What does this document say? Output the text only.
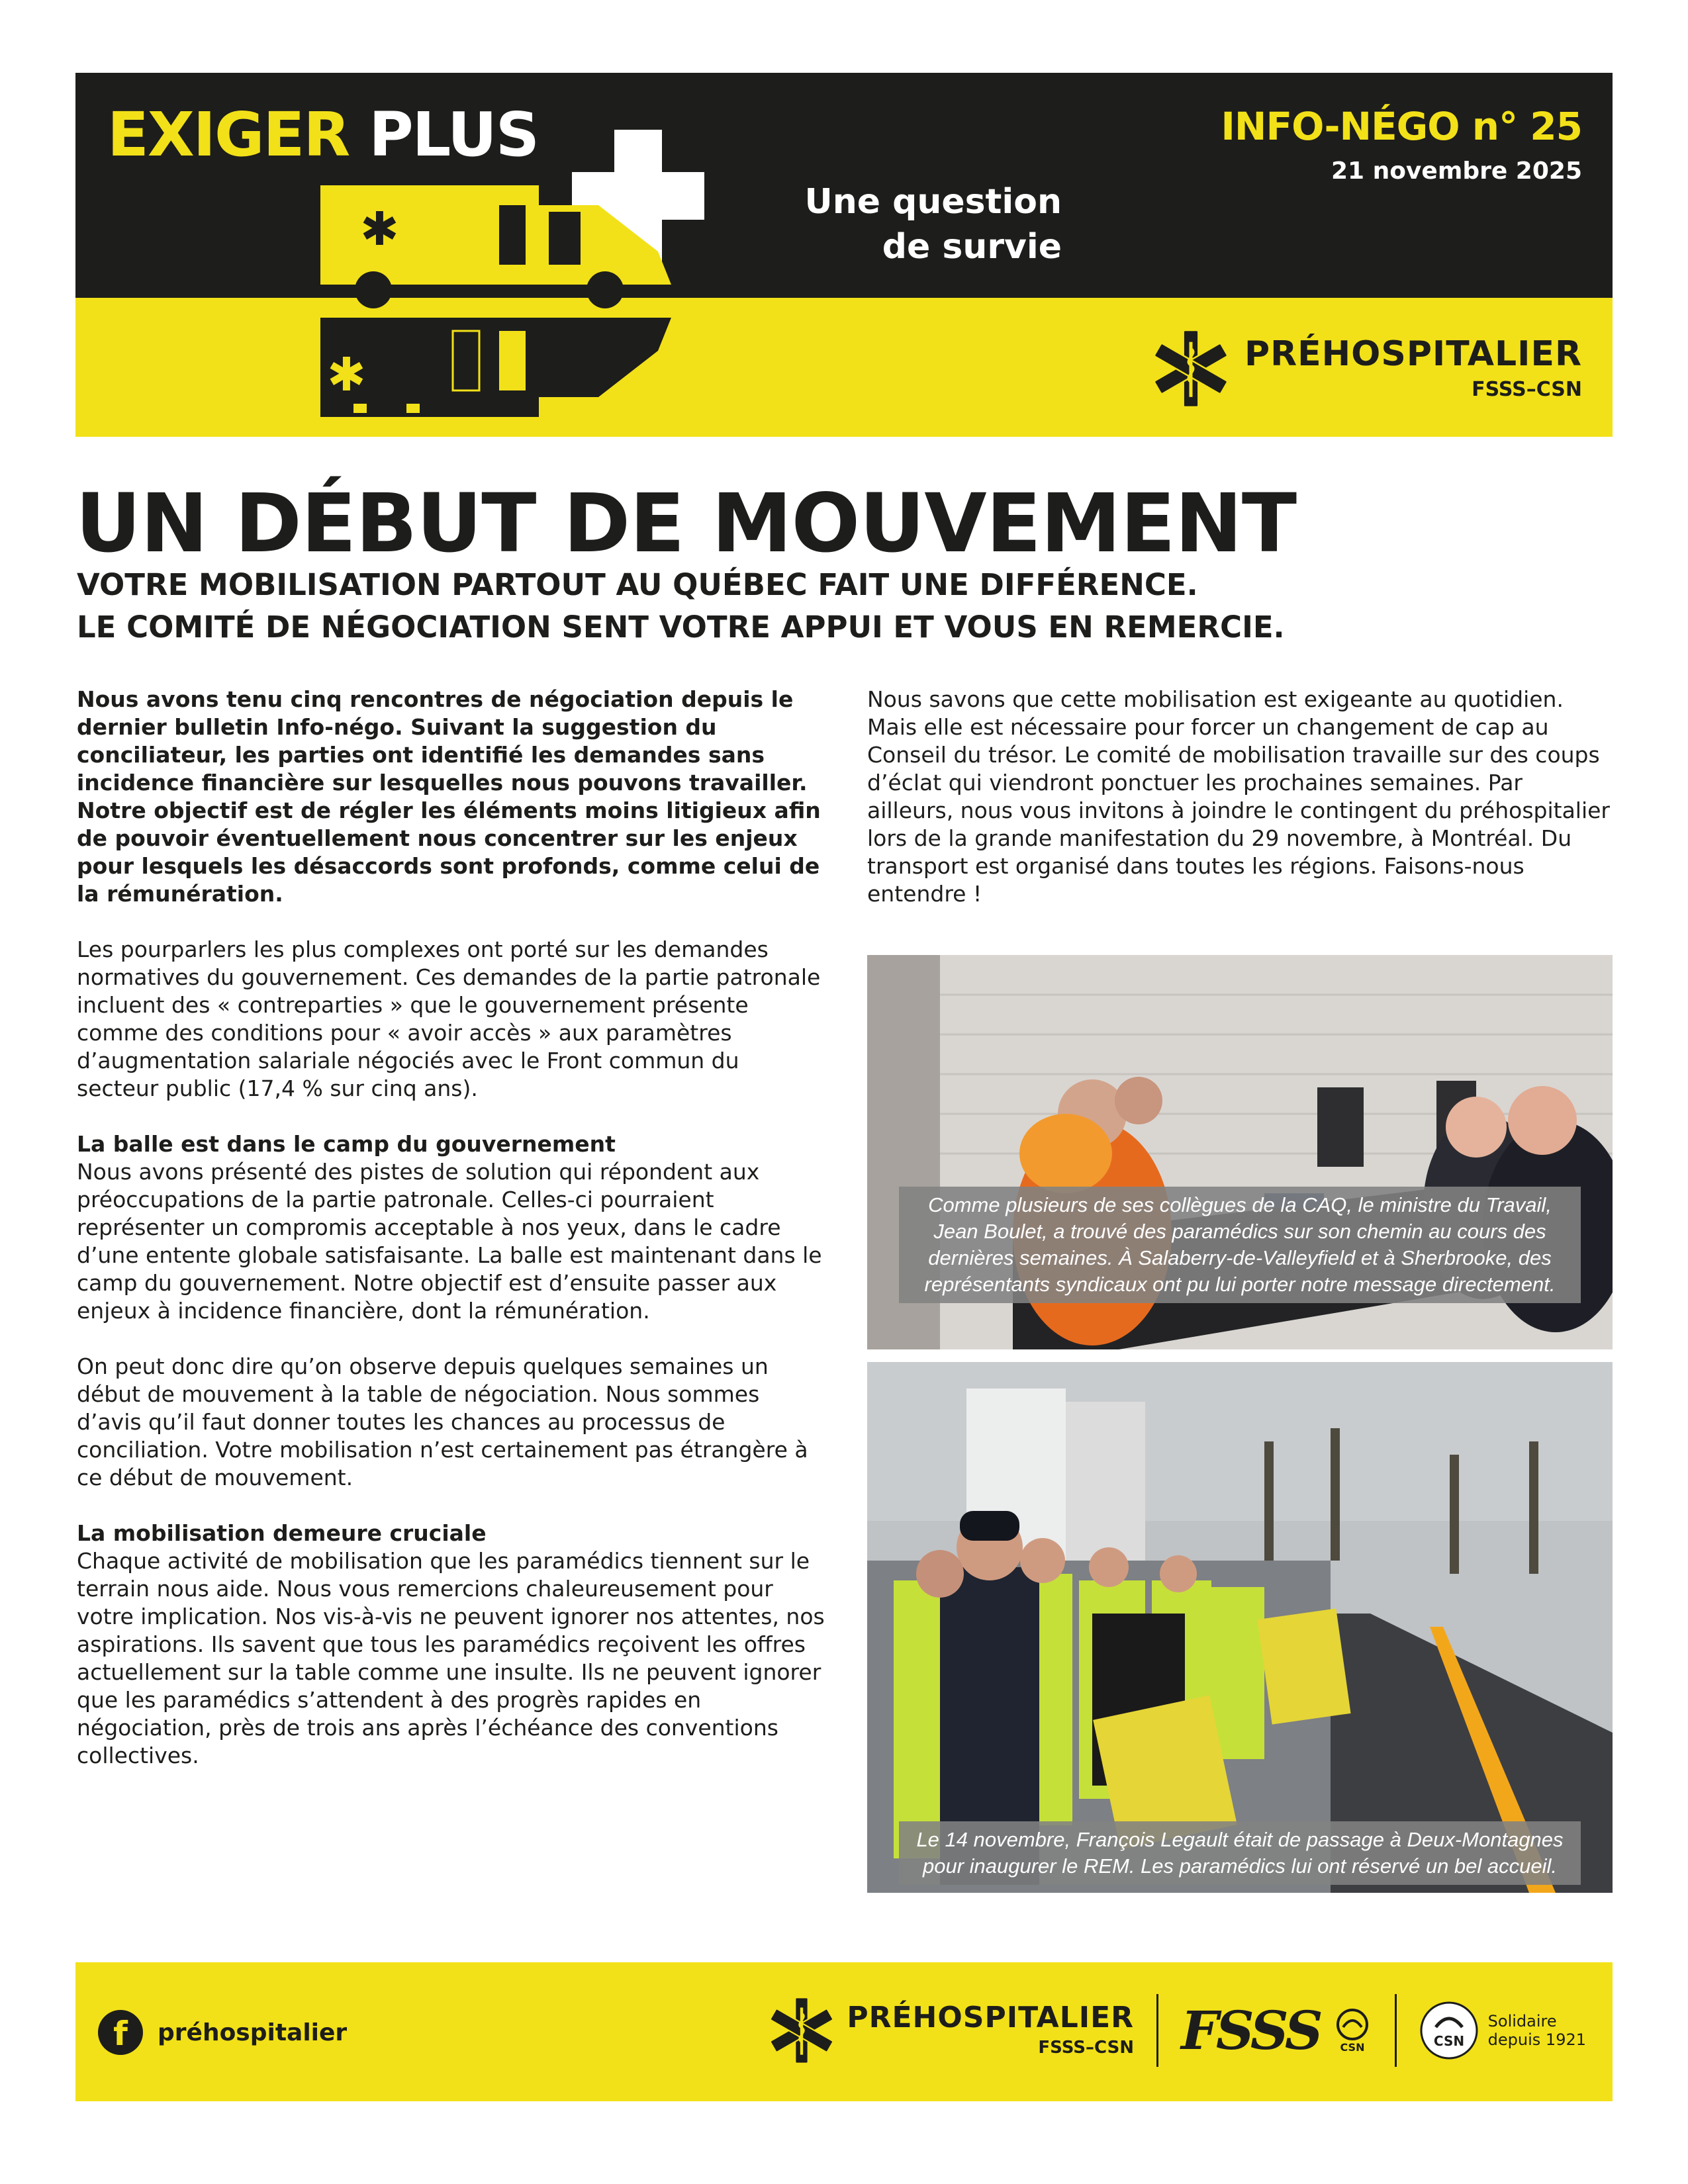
EXIGER PLUS
✱
✱
Une question
de survie
INFO-NÉGO n° 25
21 novembre 2025
PRÉHOSPITALIER
FSSS–CSN
UN DÉBUT DE MOUVEMENT
VOTRE MOBILISATION PARTOUT AU QUÉBEC FAIT UNE DIFFÉRENCE.
LE COMITÉ DE NÉGOCIATION SENT VOTRE APPUI ET VOUS EN REMERCIE.

Nous avons tenu cinq rencontres de négociation depuis le dernier bulletin Info-négo. Suivant la suggestion du conciliateur, les parties ont identifié les demandes sans incidence financière sur lesquelles nous pouvons travailler. Notre objectif est de régler les éléments moins litigieux afin de pouvoir éventuellement nous concentrer sur les enjeux pour lesquels les désaccords sont profonds, comme celui de la rémunération.

Les pourparlers les plus complexes ont porté sur les demandes normatives du gouvernement. Ces demandes de la partie patronale incluent des « contreparties » que le gouvernement présente comme des conditions pour « avoir accès » aux paramètres d’augmentation salariale négociés avec le Front commun du secteur public (17,4 % sur cinq ans).

La balle est dans le camp du gouvernement

Nous avons présenté des pistes de solution qui répondent aux préoccupations de la partie patronale. Celles-ci pourraient représenter un compromis acceptable à nos yeux, dans le cadre d’une entente globale satisfaisante. La balle est maintenant dans le camp du gouvernement. Notre objectif est d’ensuite passer aux enjeux à incidence financière, dont la rémunération.

On peut donc dire qu’on observe depuis quelques semaines un début de mouvement à la table de négociation. Nous sommes d’avis qu’il faut donner toutes les chances au processus de conciliation. Votre mobilisation n’est certainement pas étrangère à ce début de mouvement.

La mobilisation demeure cruciale

Chaque activité de mobilisation que les paramédics tiennent sur le terrain nous aide. Nous vous remercions chaleureusement pour votre implication. Nos vis-à-vis ne peuvent ignorer nos attentes, nos aspirations. Ils savent que tous les paramédics reçoivent les offres actuellement sur la table comme une insulte. Ils ne peuvent ignorer que les paramédics s’attendent à des progrès rapides en négociation, près de trois ans après l’échéance des conventions collectives.

Nous savons que cette mobilisation est exigeante au quotidien. Mais elle est nécessaire pour forcer un changement de cap au Conseil du trésor. Le comité de mobilisation travaille sur des coups d’éclat qui viendront ponctuer les prochaines semaines. Par ailleurs, nous vous invitons à joindre le contingent du préhospitalier lors de la grande manifestation du 29 novembre, à Montréal. Du transport est organisé dans toutes les régions. Faisons-nous entendre !

Comme plusieurs de ses collègues de la CAQ, le ministre du Travail, Jean Boulet, a trouvé des paramédics sur son chemin au cours des dernières semaines. À Salaberry-de-Valleyfield et à Sherbrooke, des représentants syndicaux ont pu lui porter notre message directement.
Le 14 novembre, François Legault était de passage à Deux-Montagnes pour inaugurer le REM. Les paramédics lui ont réservé un bel accueil.
f	préhospitalier	PRÉHOSPITALIER
FSSS–CSN FSSS CSN	CSN
Solidaire
depuis 1921
